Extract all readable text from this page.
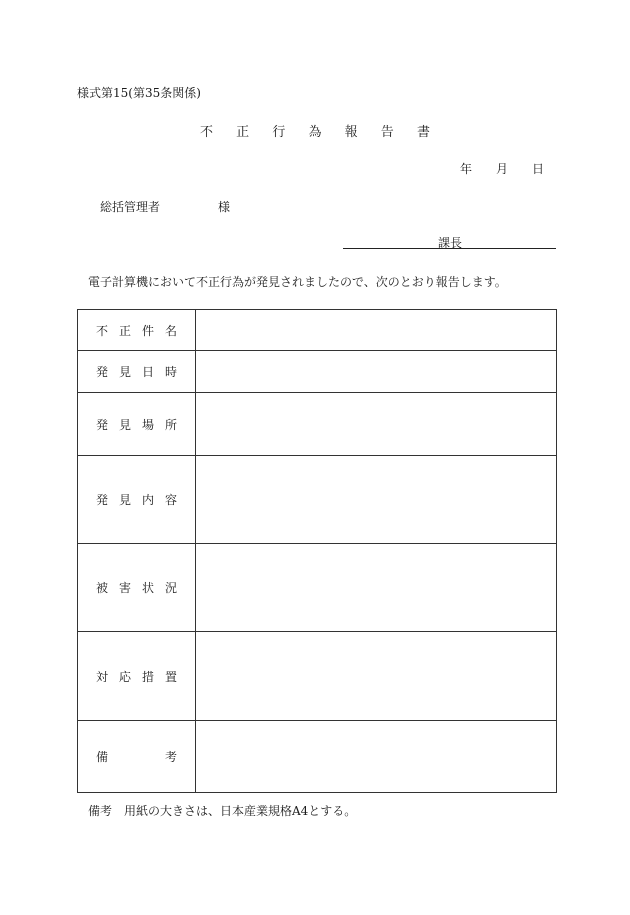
様式第15(第35条関係)
不 正 行 為 報 告 書
年 月 日
総括管理者	様
課長
電子計算機において不正行為が発見されましたので、次のとおり報告します。
不 正 件 名	

発 見 日 時	

発 見 場 所	

発 見 内 容	

被 害 状 況	

対 応 措 置	

備 考	

備考　用紙の大きさは、日本産業規格A4とする。
